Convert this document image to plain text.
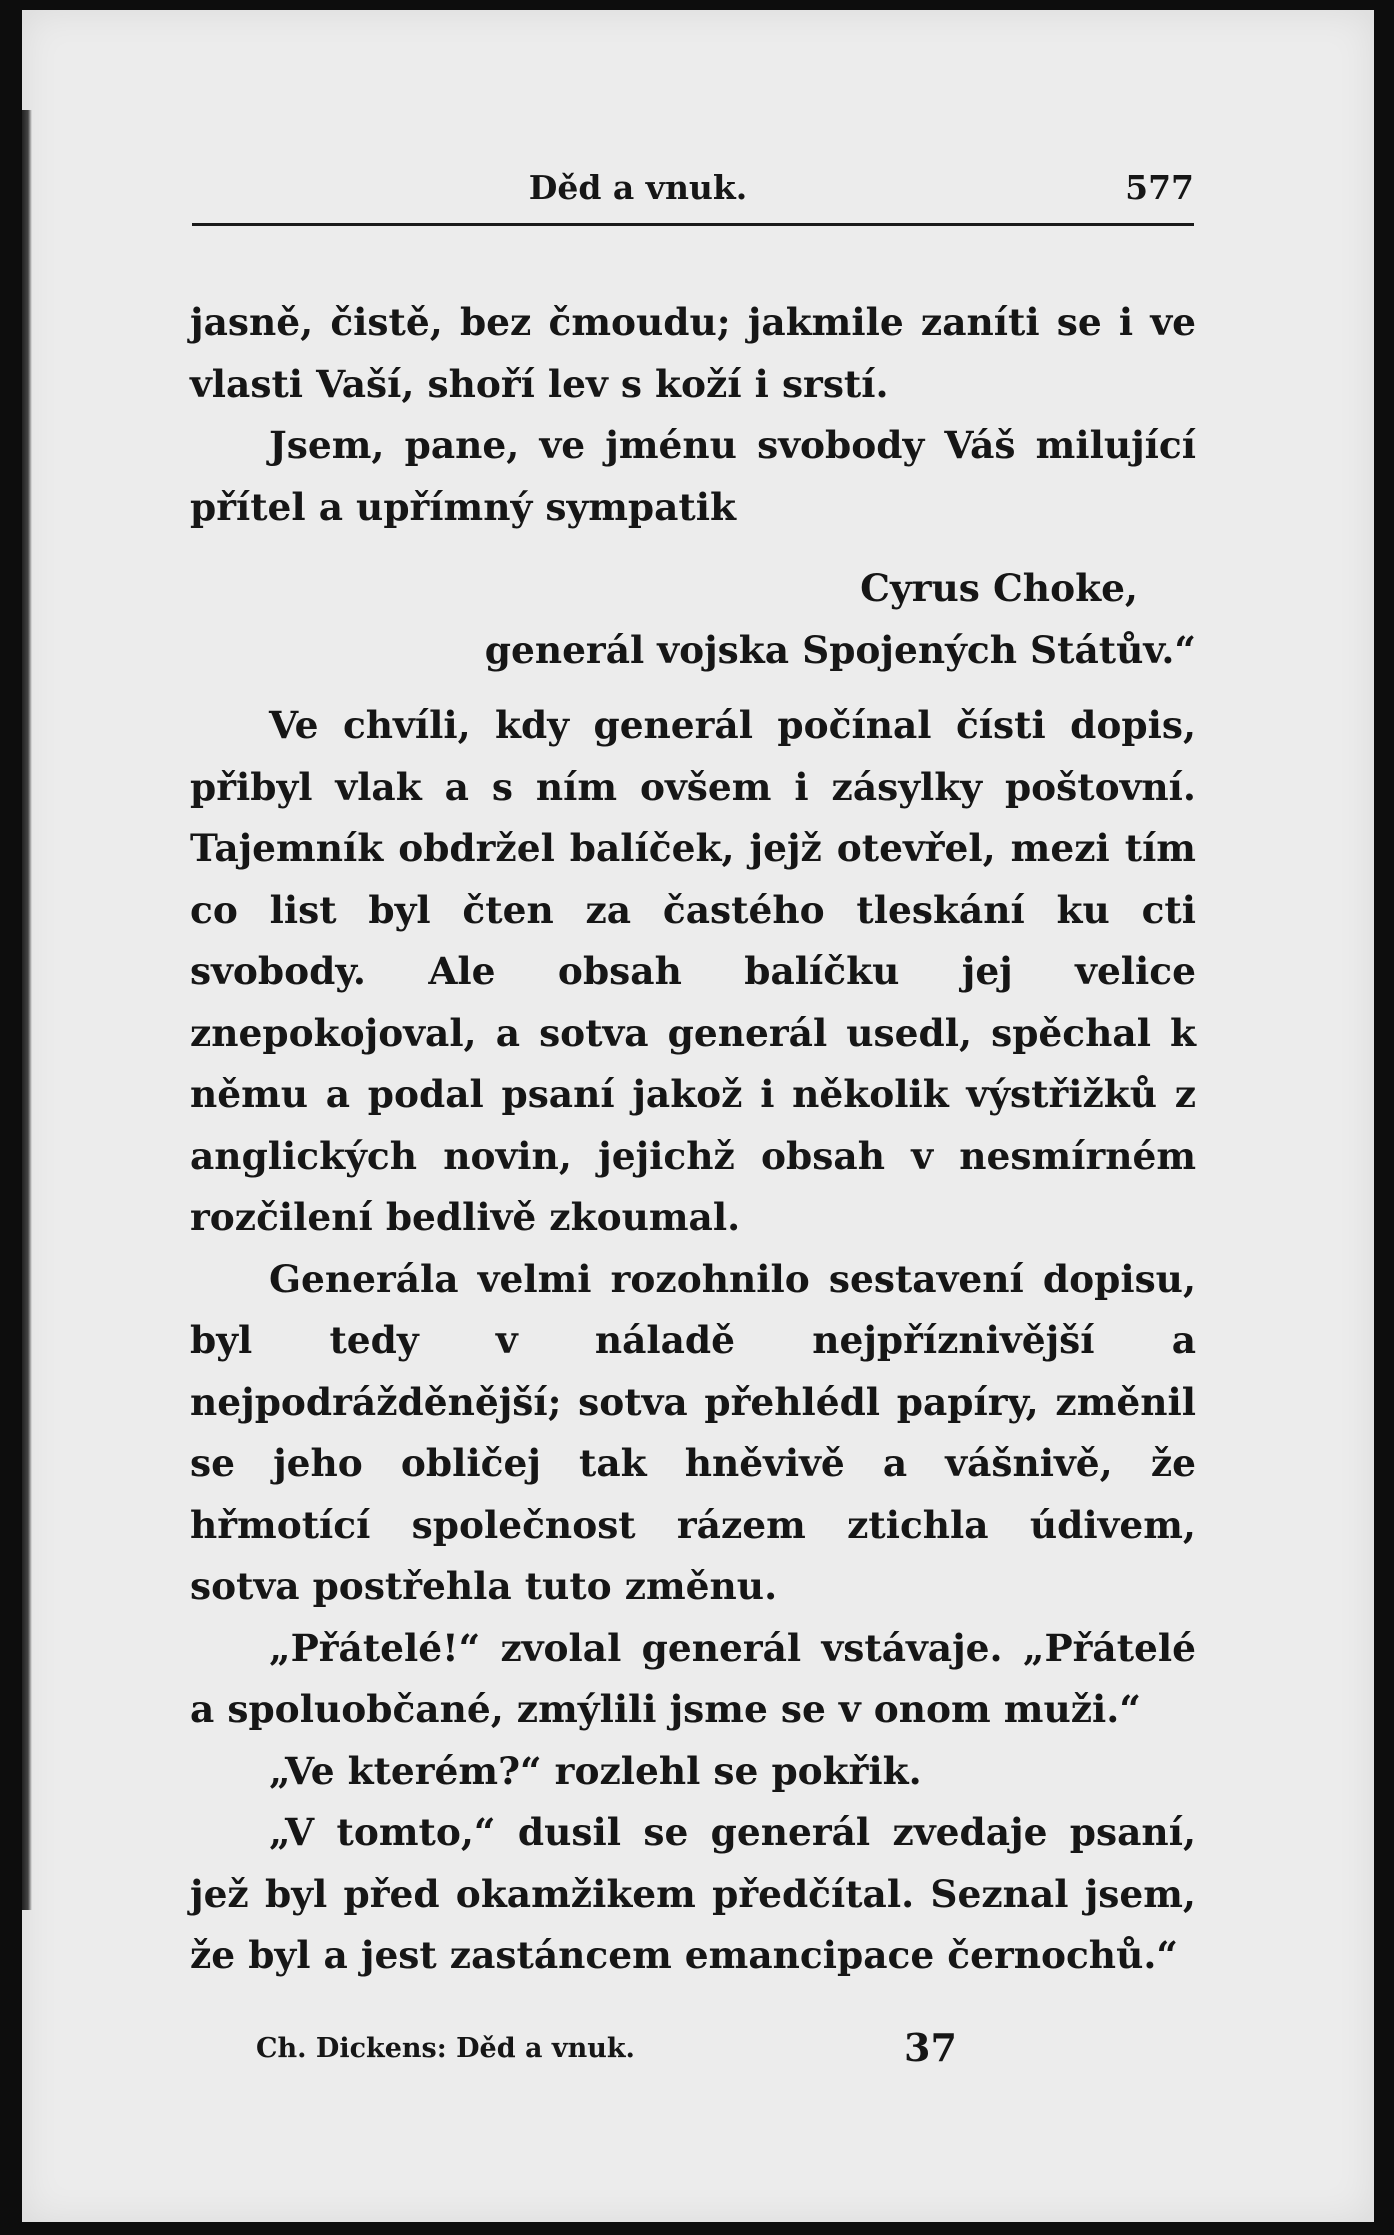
Děd a vnuk.	577

jasně, čistě, bez čmoudu; jakmile zaníti se i ve vlasti Vaší, shoří lev s koží i srstí.

Jsem, pane, ve jménu svobody Váš milující přítel a upřímný sympatik

Cyrus Choke,

generál vojska Spojených Státův.“

Ve chvíli, kdy generál počínal čísti dopis, přibyl vlak a s ním ovšem i zásylky poštovní. Tajemník obdržel balíček, jejž otevřel, mezi tím co list byl čten za častého tleskání ku cti svobody. Ale obsah balíčku jej velice znepokojoval, a sotva generál usedl, spěchal k němu a podal psaní jakož i několik výstřižků z anglických novin, jejichž obsah v nesmírném rozčilení bedlivě zkoumal.

Generála velmi rozohnilo sestavení dopisu, byl tedy v náladě nejpříznivější a nejpodrážděnější; sotva přehlédl papíry, změnil se jeho obličej tak hněvivě a vášnivě, že hřmotící společnost rázem ztichla údivem, sotva postřehla tuto změnu.

„Přátelé!“ zvolal generál vstávaje. „Přátelé a spoluobčané, zmýlili jsme se v onom muži.“

„Ve kterém?“ rozlehl se pokřik.

„V tomto,“ dusil se generál zvedaje psaní, jež byl před okamžikem předčítal. Seznal jsem, že byl a jest zastáncem emancipace černochů.“

Ch. Dickens: Děd a vnuk.	37
